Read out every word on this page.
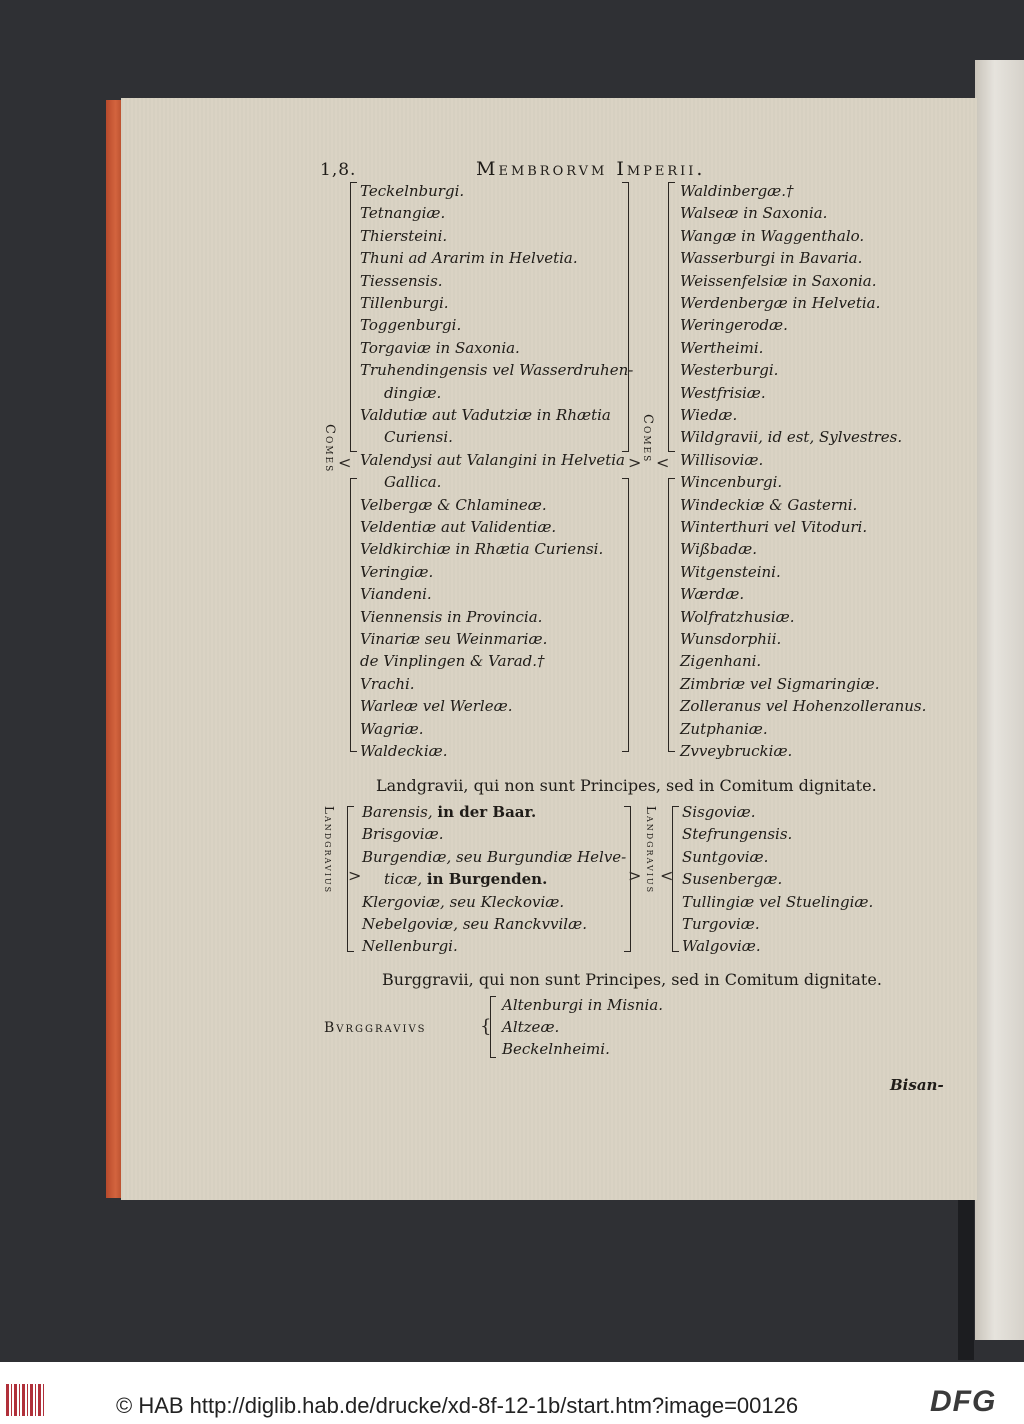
1,8.	Membrorvm Imperii.
Comes <
Teckelnburgi.
Tetnangiæ.
Thiersteini.
Thuni ad Ararim in Helvetia.
Tiessensis.
Tillenburgi.
Toggenburgi.
Torgaviæ in Saxonia.
Truhendingensis vel Wasserdruhen-
dingiæ.
Valdutiæ aut Vadutziæ in Rhætia
Curiensi.
Valendysi aut Valangini in Helvetia
Gallica.
Velbergæ & Chlamineæ.
Veldentiæ aut Validentiæ.
Veldkirchiæ in Rhætia Curiensi.
Veringiæ.
Viandeni.
Viennensis in Provincia.
Vinariæ seu Weinmariæ.
de Vinplingen & Varad.†
Vrachi.
Warleæ vel Werleæ.
Wagriæ.
Waldeckiæ.
>
Comes <
Waldinbergæ.†
Walseæ in Saxonia.
Wangæ in Waggenthalo.
Wasserburgi in Bavaria.
Weissenfelsiæ in Saxonia.
Werdenbergæ in Helvetia.
Weringerodæ.
Wertheimi.
Westerburgi.
Westfrisiæ.
Wiedæ.
Wildgravii, id est, Sylvestres.
Willisoviæ.
Wincenburgi.
Windeckiæ & Gasterni.
Winterthuri vel Vitoduri.
Wißbadæ.
Witgensteini.
Wærdæ.
Wolfratzhusiæ.
Wunsdorphii.
Zigenhani.
Zimbriæ vel Sigmaringiæ.
Zolleranus vel Hohenzolleranus.
Zutphaniæ.
Zvveybruckiæ.
Landgravii, qui non sunt Principes, sed in Comitum dignitate.
Landgravius >
Barensis, in der Baar.
Brisgoviæ.
Burgendiæ, seu Burgundiæ Helve-
ticæ, in Burgenden.
Klergoviæ, seu Kleckoviæ.
Nebelgoviæ, seu Ranckvvilæ.
Nellenburgi.
> Landgravius <
Sisgoviæ.
Stefrungensis.
Suntgoviæ.
Susenbergæ.
Tullingiæ vel Stuelingiæ.
Turgoviæ.
Walgoviæ.
Burggravii, qui non sunt Principes, sed in Comitum dignitate.
Bvrggravivs	{
Altenburgi in Misnia.
Altzeæ.
Beckelnheimi.
Bisan-
© HAB http://diglib.hab.de/drucke/xd-8f-12-1b/start.htm?image=00126	DFG
